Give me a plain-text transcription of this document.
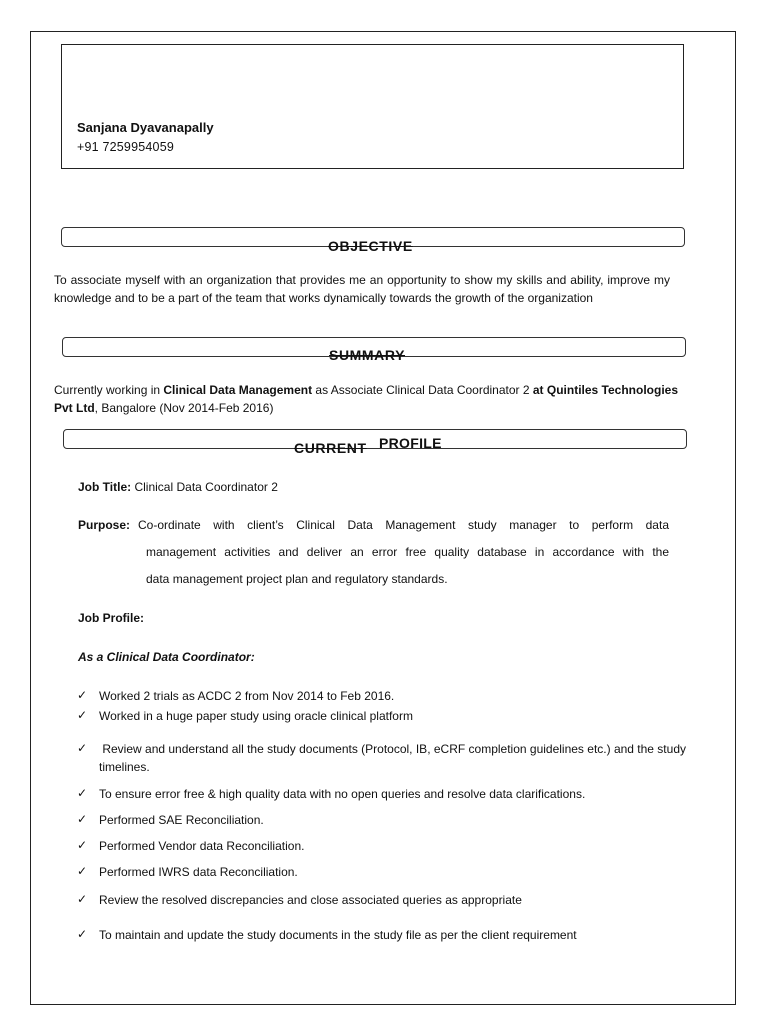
Sanjana Dyavanapally
+91 7259954059
OBJECTIVE
To associate myself with an organization that provides me an opportunity to show my skills and ability, improve my knowledge and to be a part of the team that works dynamically towards the growth of the organization
SUMMARY
Currently working in Clinical Data Management as Associate Clinical Data Coordinator 2 at Quintiles Technologies Pvt Ltd, Bangalore (Nov 2014-Feb 2016)
CURRENT PROFILE
Job Title: Clinical Data Coordinator 2
Purpose: Co-ordinate with client’s Clinical Data Management study manager to perform data
management activities and deliver an error free quality database in accordance with the
data management project plan and regulatory standards.
Job Profile:
As a Clinical Data Coordinator:
✓ Worked 2 trials as ACDC 2 from Nov 2014 to Feb 2016.
✓ Worked in a huge paper study using oracle clinical platform
✓ Review and understand all the study documents (Protocol, IB, eCRF completion guidelines etc.) and the study    timelines.
✓ To ensure error free & high quality data with no open queries and resolve data clarifications.
✓ Performed SAE Reconciliation.
✓ Performed Vendor data Reconciliation.
✓ Performed IWRS data Reconciliation.
✓ Review the resolved discrepancies and close associated queries as appropriate
✓ To maintain and update the study documents in the study file as per the client requirement
